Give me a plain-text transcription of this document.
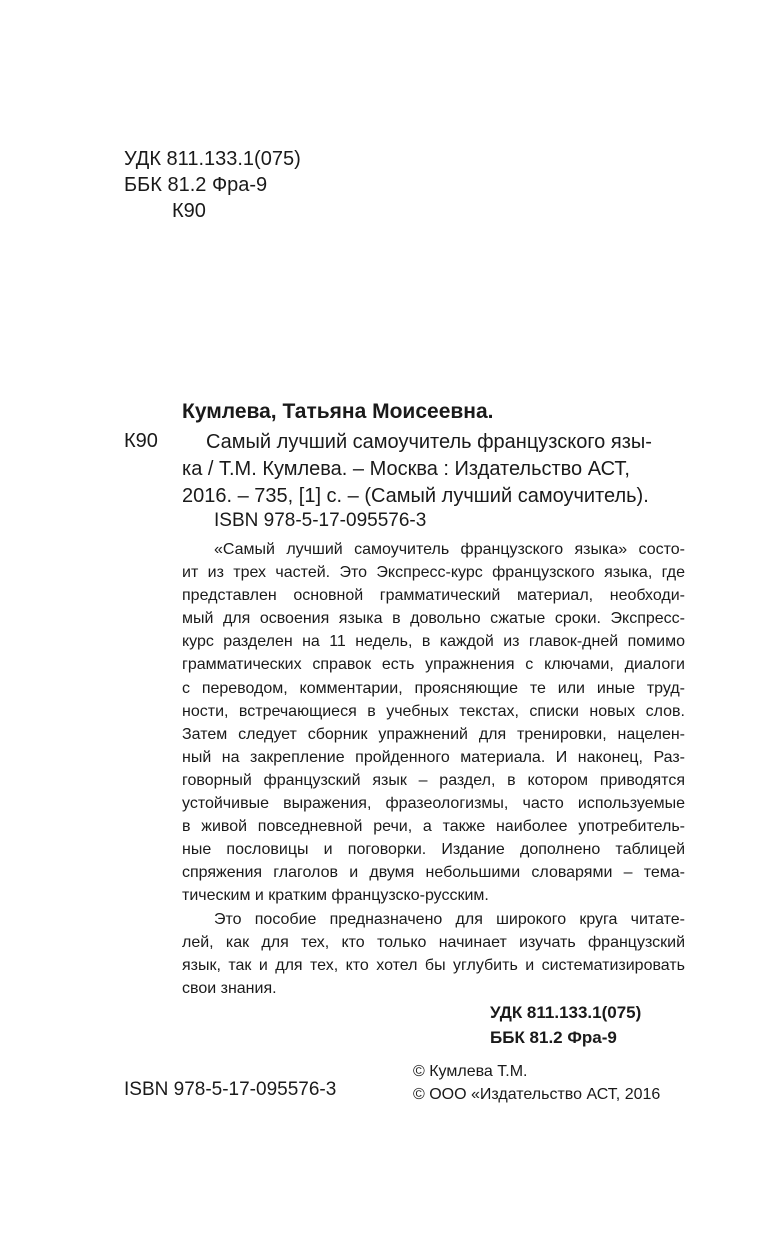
УДК 811.133.1(075)
ББК 81.2 Фра-9
К90
Кумлева, Татьяна Моисеевна.
К90	Самый лучший самоучитель французского язы-
ка / Т.М. Кумлева. – Москва : Издательство АСТ,
2016. – 735, [1] с. – (Самый лучший самоучитель).
ISBN 978-5-17-095576-3
«Самый лучший самоучитель французского языка» состо-
ит из трех частей. Это Экспресс-курс французского языка, где
представлен основной грамматический материал, необходи-
мый для освоения языка в довольно сжатые сроки. Экспресс-
курс разделен на 11 недель, в каждой из главок-дней помимо
грамматических справок есть упражнения с ключами, диалоги
с переводом, комментарии, проясняющие те или иные труд-
ности, встречающиеся в учебных текстах, списки новых слов.
Затем следует сборник упражнений для тренировки, нацелен-
ный на закрепление пройденного материала. И наконец, Раз-
говорный французский язык – раздел, в котором приводятся
устойчивые выражения, фразеологизмы, часто используемые
в живой повседневной речи, а также наиболее употребитель-
ные пословицы и поговорки. Издание дополнено таблицей
спряжения глаголов и двумя небольшими словарями – тема-
тическим и кратким французско-русским.
Это пособие предназначено для широкого круга читате-
лей, как для тех, кто только начинает изучать французский
язык, так и для тех, кто хотел бы углубить и систематизировать
свои знания.
УДК 811.133.1(075)
ББК 81.2 Фра-9
ISBN 978-5-17-095576-3
© Кумлева Т.М.
© ООО «Издательство АСТ, 2016
